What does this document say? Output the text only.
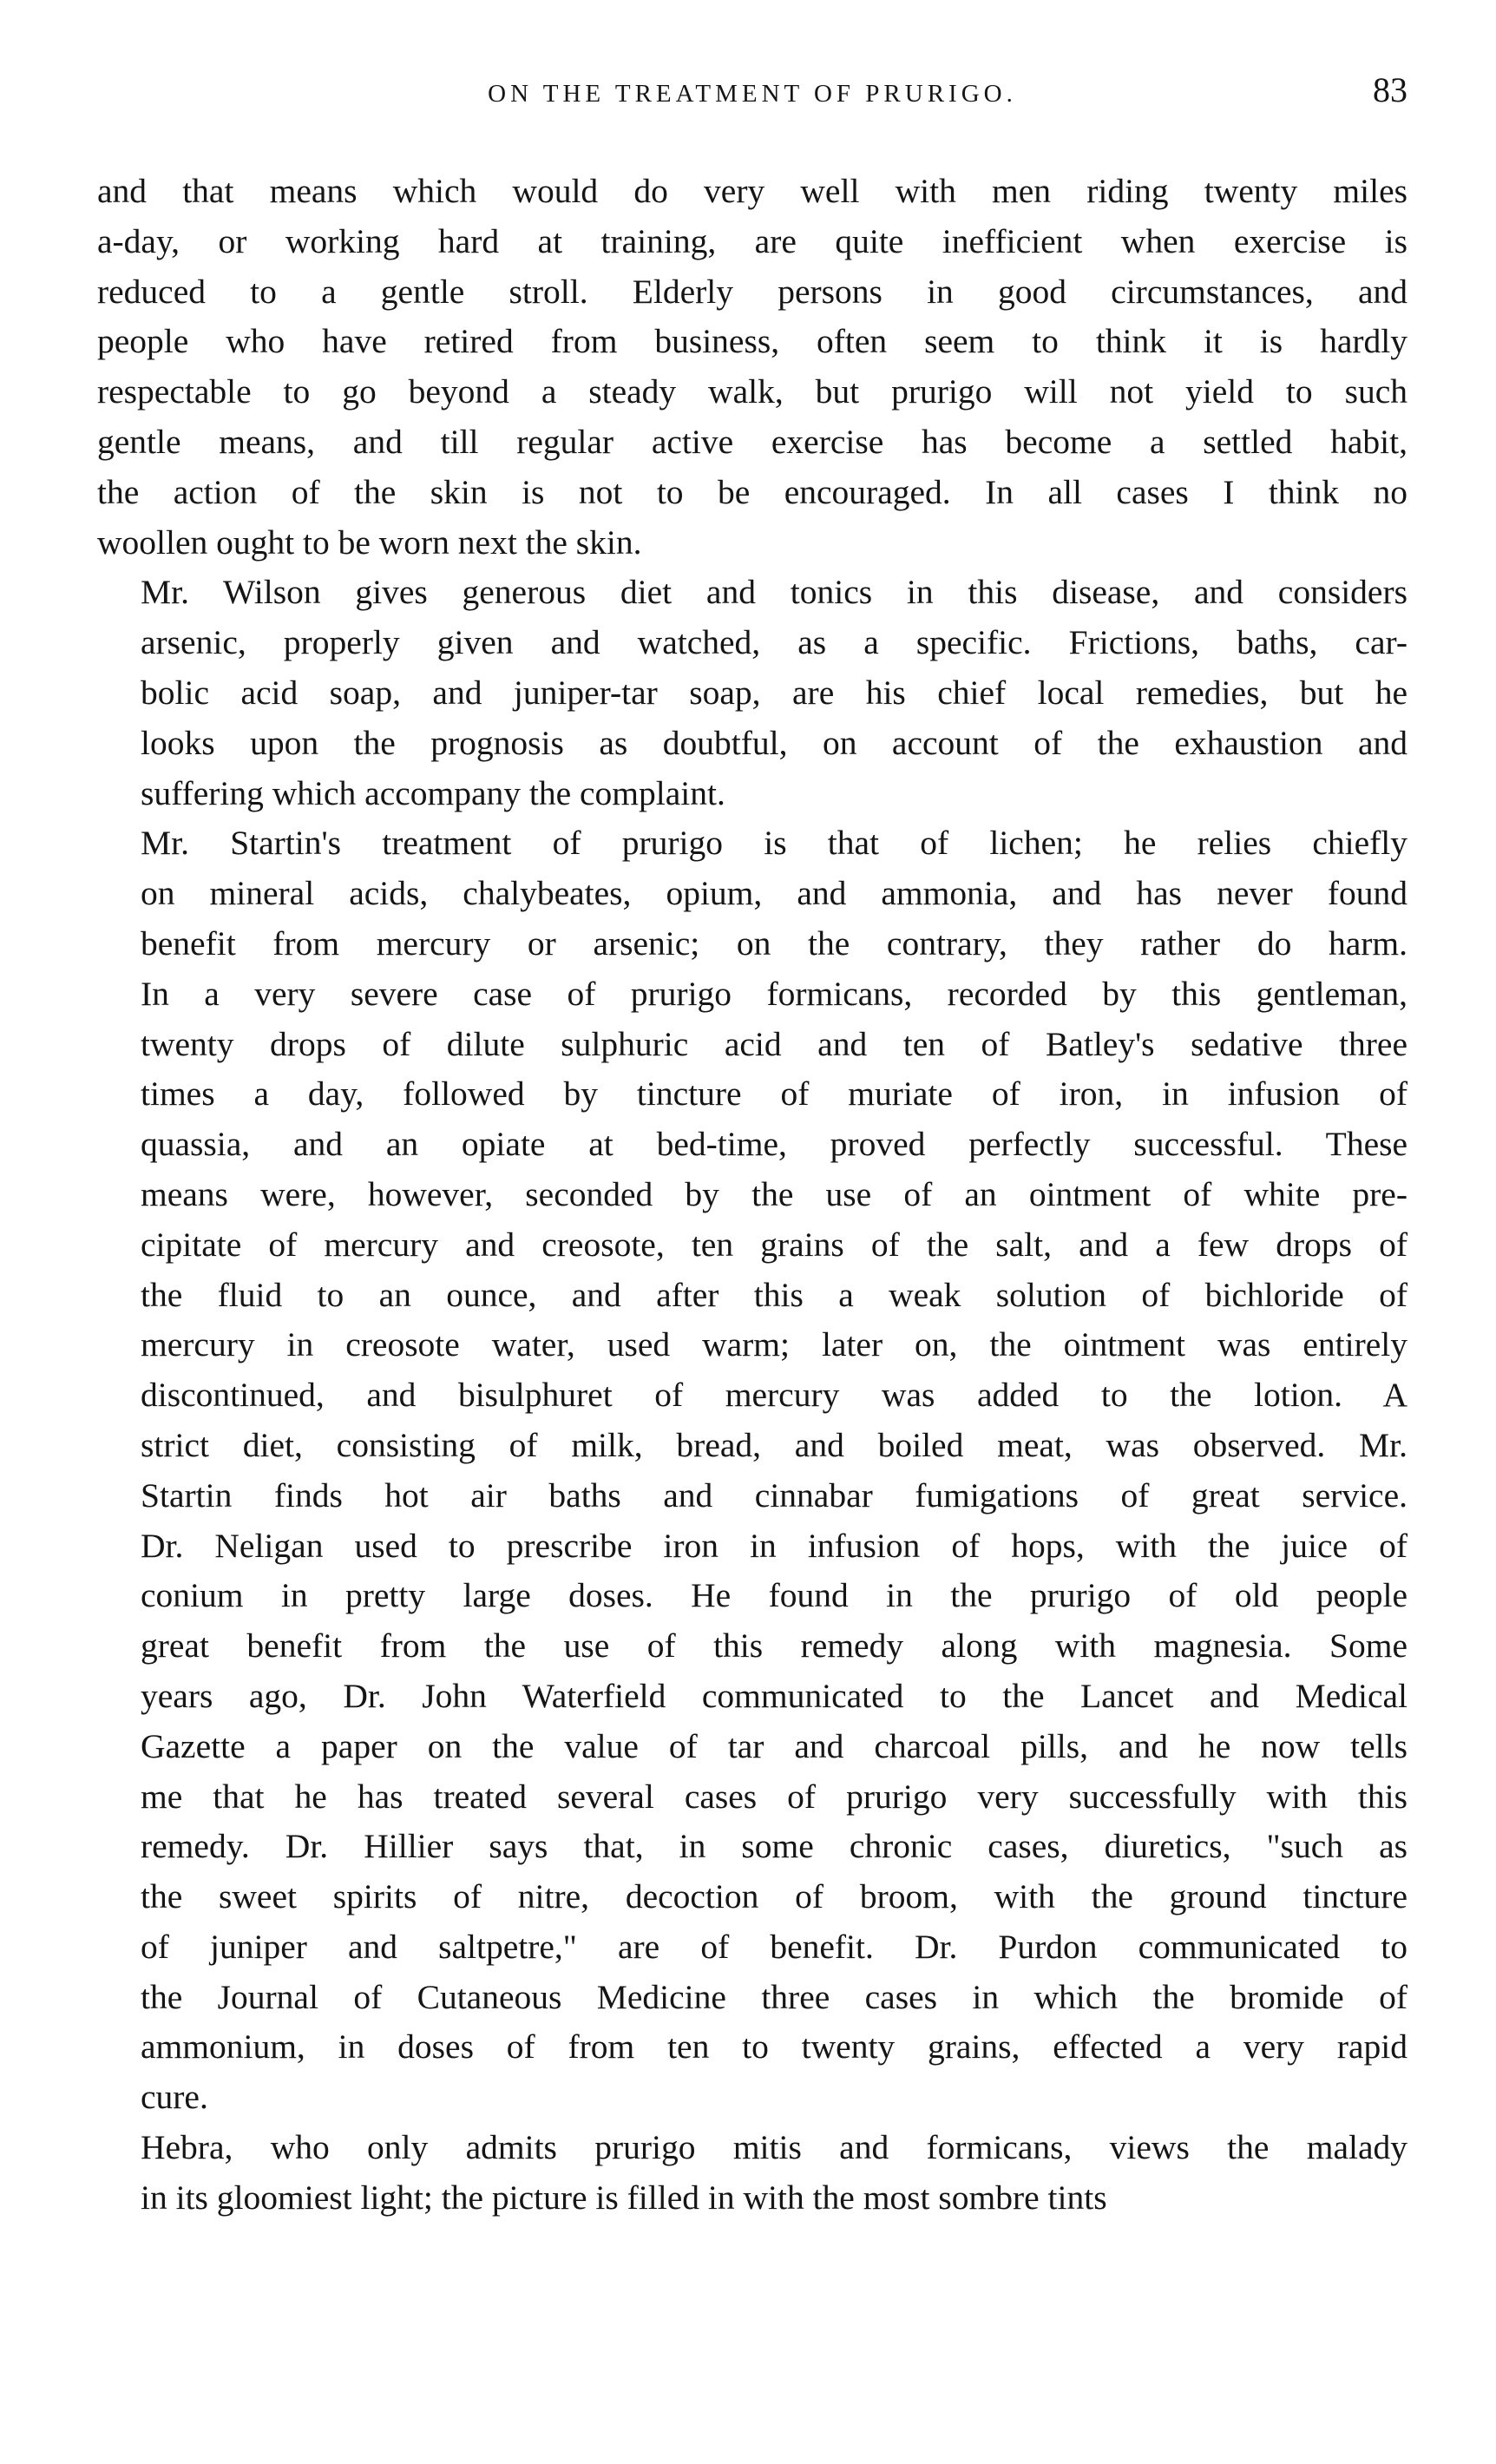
ON THE TREATMENT OF PRURIGO.	83

and that means which would do very well with men riding twenty miles
a-day, or working hard at training, are quite inefficient when exercise is
reduced to a gentle stroll. Elderly persons in good circumstances, and
people who have retired from business, often seem to think it is hardly
respectable to go beyond a steady walk, but prurigo will not yield to such
gentle means, and till regular active exercise has become a settled habit,
the action of the skin is not to be encouraged. In all cases I think no
woollen ought to be worn next the skin.

Mr. Wilson gives generous diet and tonics in this disease, and considers
arsenic, properly given and watched, as a specific. Frictions, baths, car-
bolic acid soap, and juniper-tar soap, are his chief local remedies, but he
looks upon the prognosis as doubtful, on account of the exhaustion and
suffering which accompany the complaint.

Mr. Startin's treatment of prurigo is that of lichen; he relies chiefly
on mineral acids, chalybeates, opium, and ammonia, and has never found
benefit from mercury or arsenic; on the contrary, they rather do harm.
In a very severe case of prurigo formicans, recorded by this gentleman,
twenty drops of dilute sulphuric acid and ten of Batley's sedative three
times a day, followed by tincture of muriate of iron, in infusion of
quassia, and an opiate at bed-time, proved perfectly successful. These
means were, however, seconded by the use of an ointment of white pre-
cipitate of mercury and creosote, ten grains of the salt, and a few drops of
the fluid to an ounce, and after this a weak solution of bichloride of
mercury in creosote water, used warm; later on, the ointment was entirely
discontinued, and bisulphuret of mercury was added to the lotion. A
strict diet, consisting of milk, bread, and boiled meat, was observed. Mr.
Startin finds hot air baths and cinnabar fumigations of great service.
Dr. Neligan used to prescribe iron in infusion of hops, with the juice of
conium in pretty large doses. He found in the prurigo of old people
great benefit from the use of this remedy along with magnesia. Some
years ago, Dr. John Waterfield communicated to the Lancet and Medical
Gazette a paper on the value of tar and charcoal pills, and he now tells
me that he has treated several cases of prurigo very successfully with this
remedy. Dr. Hillier says that, in some chronic cases, diuretics, "such as
the sweet spirits of nitre, decoction of broom, with the ground tincture
of juniper and saltpetre," are of benefit. Dr. Purdon communicated to
the Journal of Cutaneous Medicine three cases in which the bromide of
ammonium, in doses of from ten to twenty grains, effected a very rapid
cure.

Hebra, who only admits prurigo mitis and formicans, views the malady
in its gloomiest light; the picture is filled in with the most sombre tints
